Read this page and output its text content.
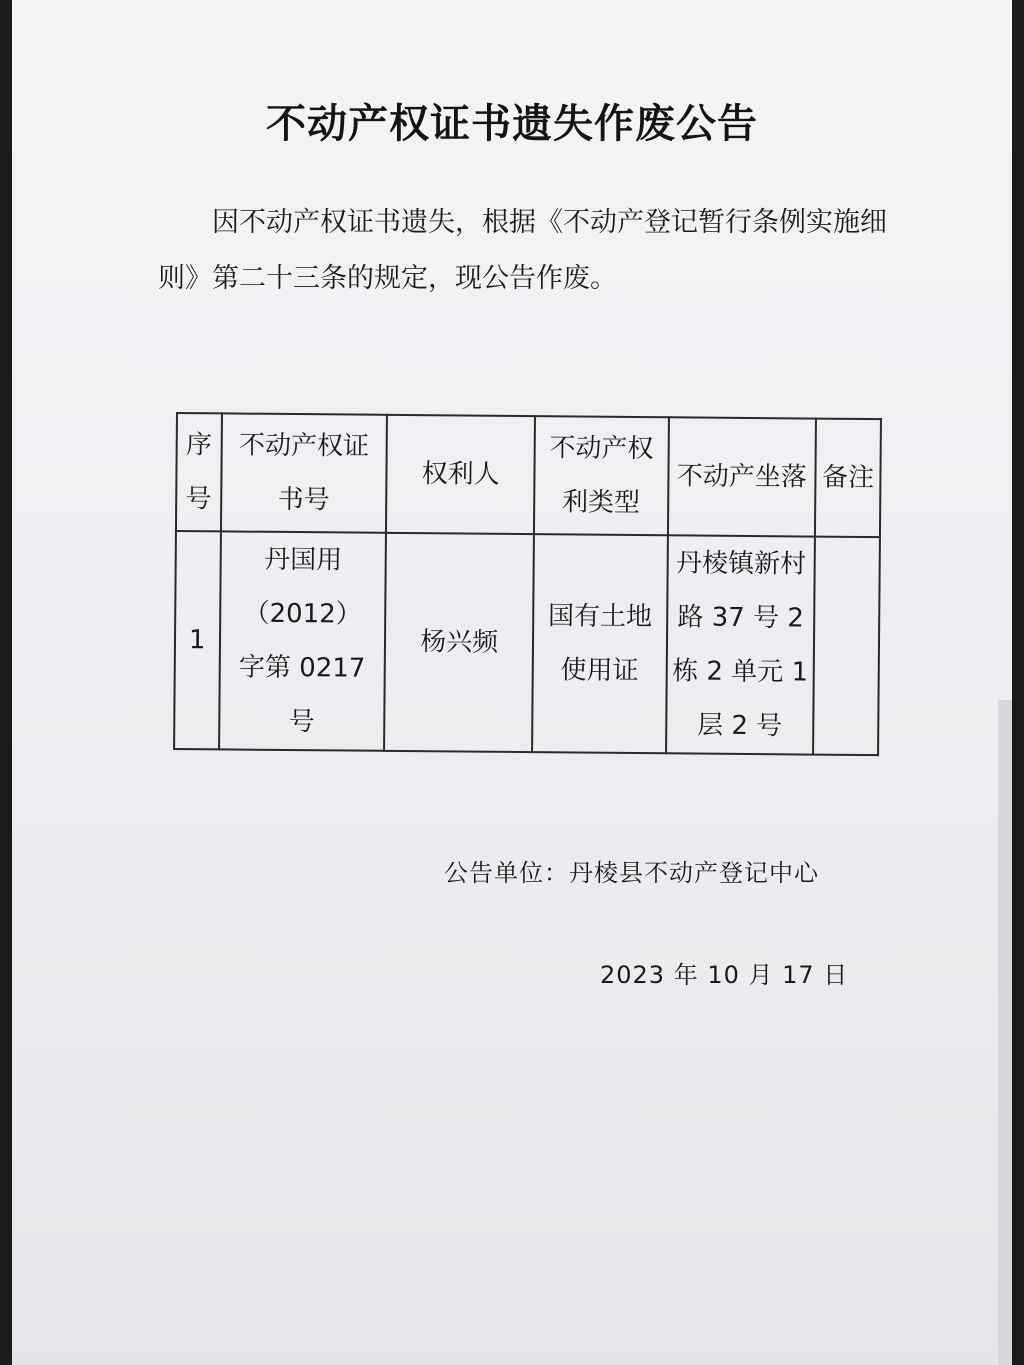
不动产权证书遗失作废公告
因不动产权证书遗失，根据《不动产登记暂行条例实施细则》第二十三条的规定，现公告作废。
序号	不动产权证书号	权利人	不动产权利类型	不动产坐落	备注
1	丹国用（2012）字第 0217 号	杨兴频	国有土地使用证	丹棱镇新村路 37 号 2 栋 2 单元 1 层 2 号	
公告单位：丹棱县不动产登记中心
2023 年 10 月 17 日
